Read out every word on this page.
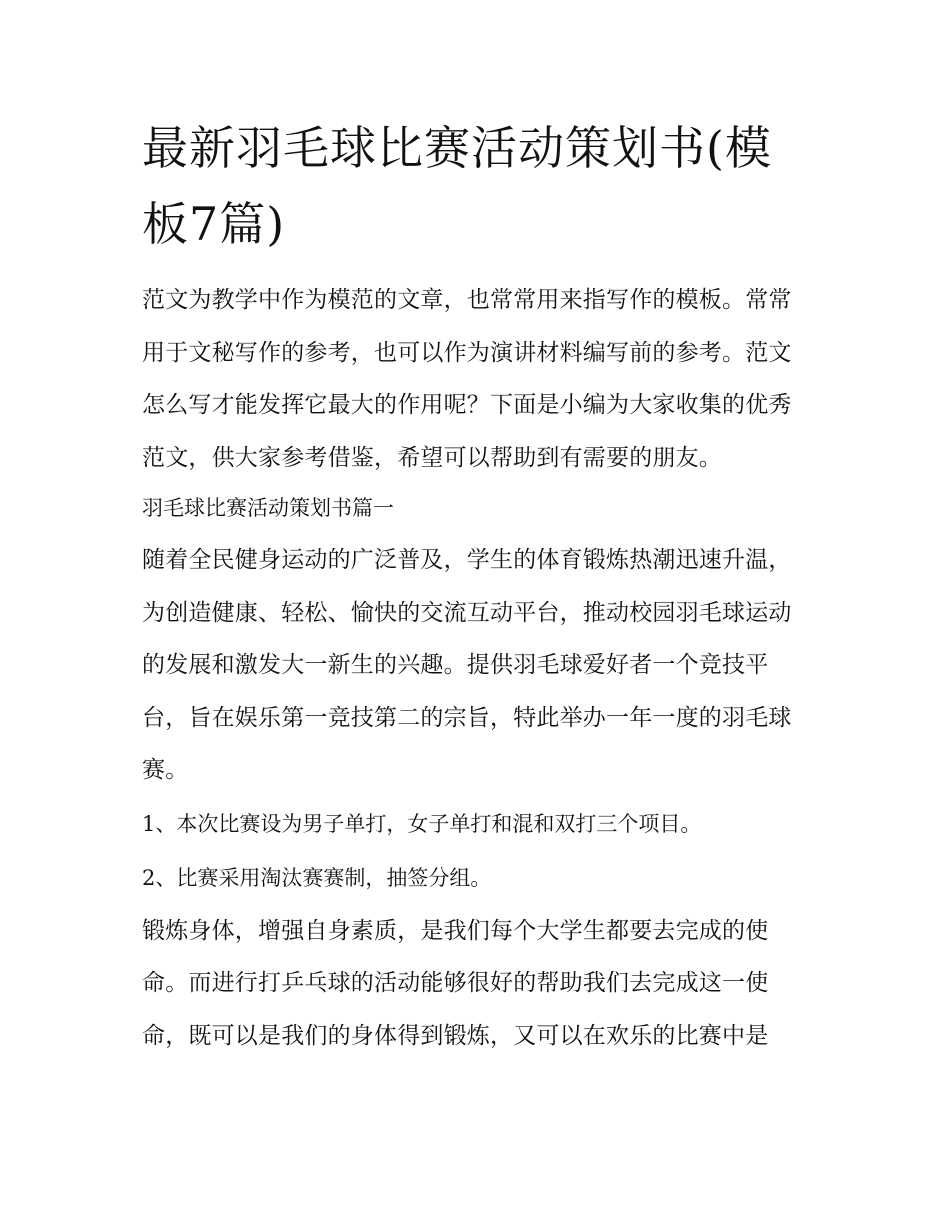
最新羽毛球比赛活动策划书(模板7篇)

范文为教学中作为模范的文章，也常常用来指写作的模板。常常用于文秘写作的参考，也可以作为演讲材料编写前的参考。范文怎么写才能发挥它最大的作用呢？下面是小编为大家收集的优秀范文，供大家参考借鉴，希望可以帮助到有需要的朋友。

羽毛球比赛活动策划书篇一

随着全民健身运动的广泛普及，学生的体育锻炼热潮迅速升温，为创造健康、轻松、愉快的交流互动平台，推动校园羽毛球运动的发展和激发大一新生的兴趣。提供羽毛球爱好者一个竞技平台，旨在娱乐第一竞技第二的宗旨，特此举办一年一度的羽毛球赛。

1、本次比赛设为男子单打，女子单打和混和双打三个项目。

2、比赛采用淘汰赛赛制，抽签分组。

锻炼身体，增强自身素质，是我们每个大学生都要去完成的使命。而进行打乒乓球的活动能够很好的帮助我们去完成这一使命，既可以是我们的身体得到锻炼，又可以在欢乐的比赛中是
